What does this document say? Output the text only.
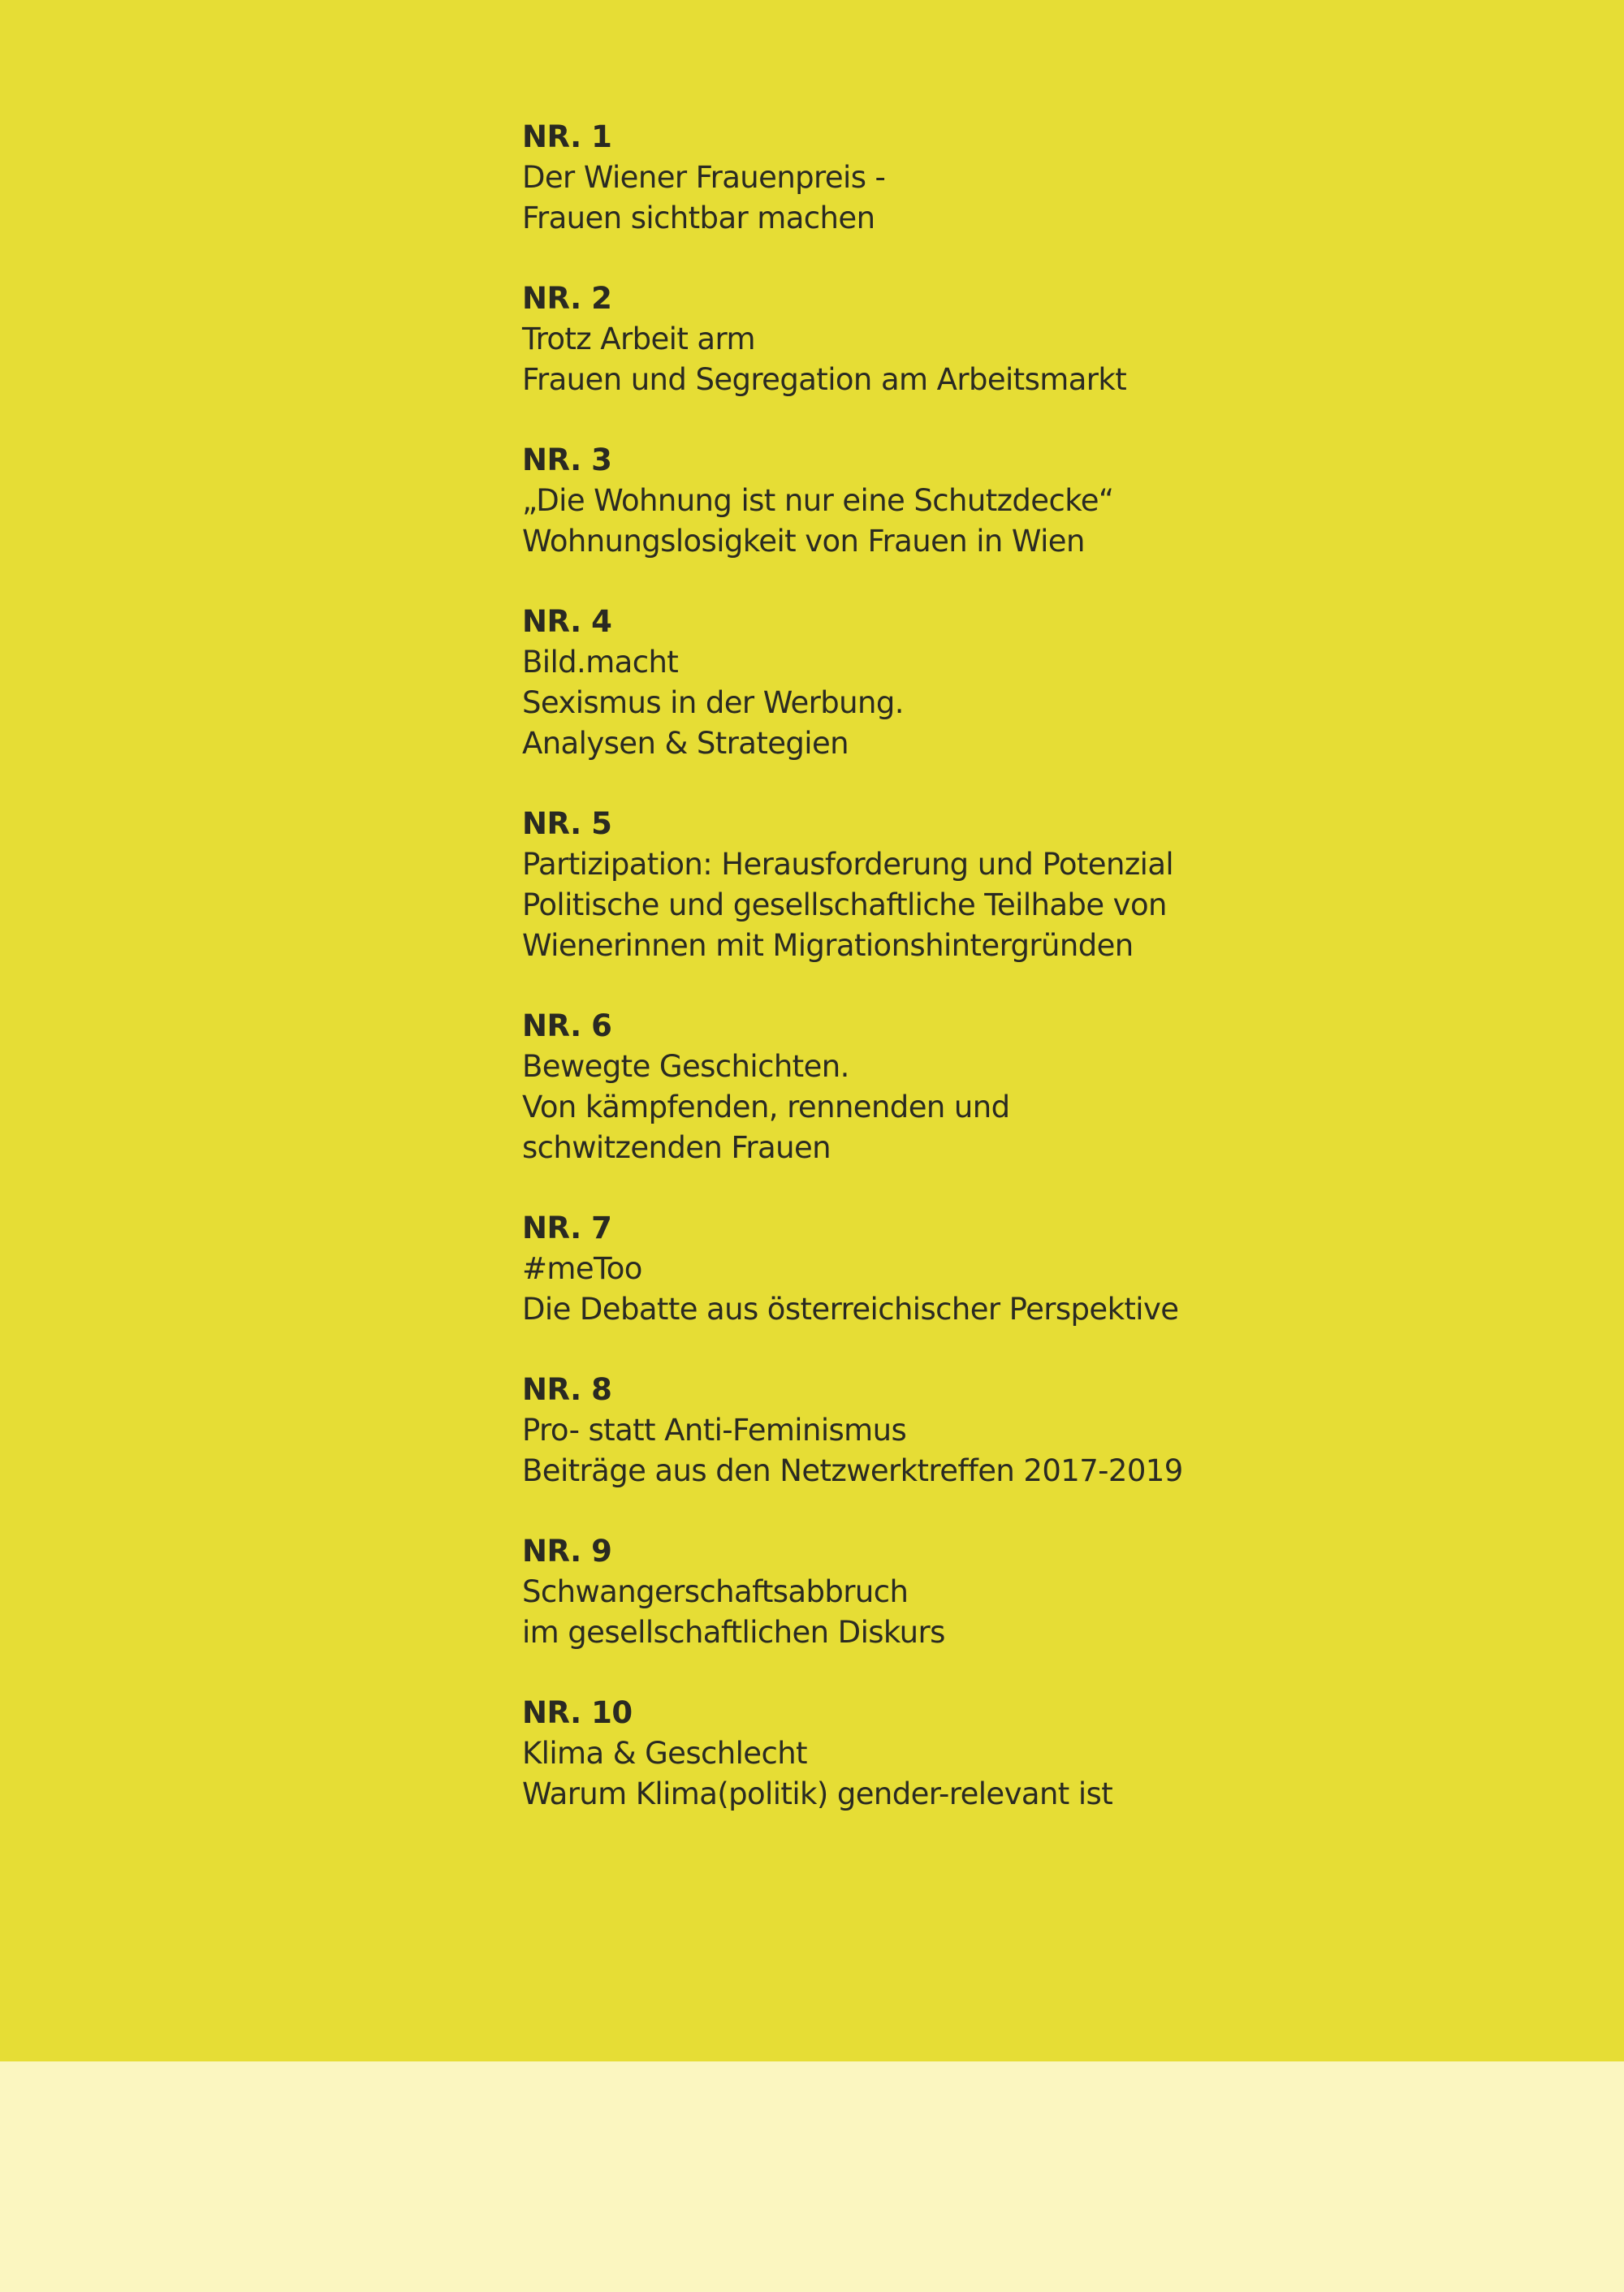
NR. 1
Der Wiener Frauenpreis -
Frauen sichtbar machen
NR. 2
Trotz Arbeit arm
Frauen und Segregation am Arbeitsmarkt
NR. 3
„Die Wohnung ist nur eine Schutzdecke“
Wohnungslosigkeit von Frauen in Wien
NR. 4
Bild.macht
Sexismus in der Werbung.
Analysen & Strategien
NR. 5
Partizipation: Herausforderung und Potenzial
Politische und gesellschaftliche Teilhabe von
Wienerinnen mit Migrationshintergründen
NR. 6
Bewegte Geschichten.
Von kämpfenden, rennenden und
schwitzenden Frauen
NR. 7
#meToo
Die Debatte aus österreichischer Perspektive
NR. 8
Pro- statt Anti-Feminismus
Beiträge aus den Netzwerktreffen 2017-2019
NR. 9
Schwangerschaftsabbruch
im gesellschaftlichen Diskurs
NR. 10
Klima & Geschlecht
Warum Klima(politik) gender-relevant ist
